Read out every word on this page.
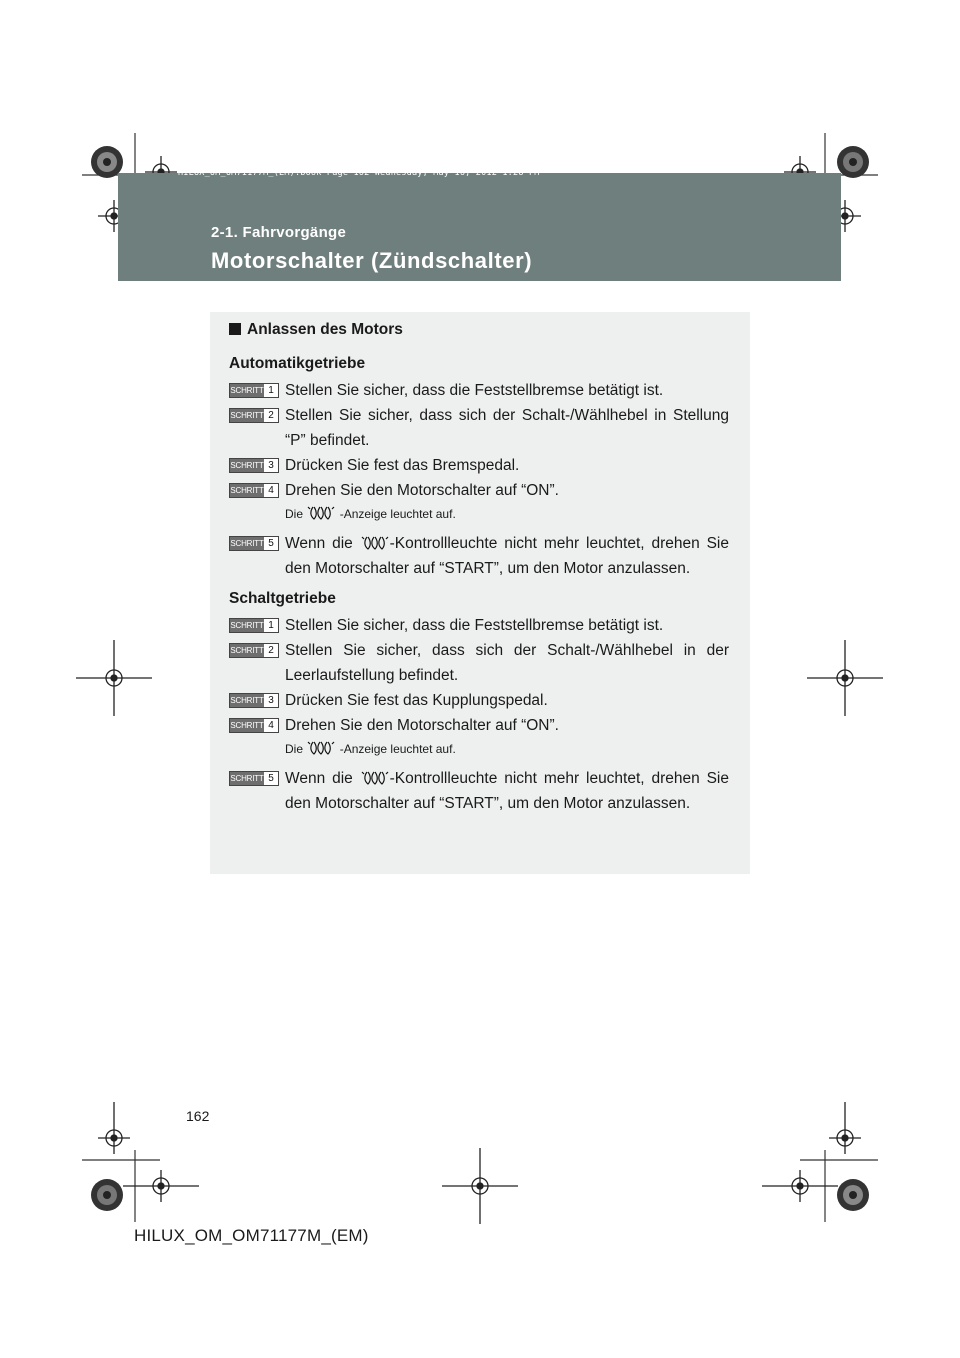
HILUX_OM_OM71177M_(EM).book Page 162 Wednesday, May 16, 2012 1:28 PM
2-1. Fahrvorgänge
Motorschalter (Zündschalter)
Anlassen des Motors
Automatikgetriebe
SCHRITT 1 Stellen Sie sicher, dass die Feststellbremse betätigt ist.
SCHRITT 2 Stellen Sie sicher, dass sich der Schalt-/Wählhebel in Stellung “P” befindet.
SCHRITT 3 Drücken Sie fest das Bremspedal.
SCHRITT 4 Drehen Sie den Motorschalter auf “ON”.
Die	-Anzeige leuchtet auf.
SCHRITT 5 Wenn die -Kontrollleuchte nicht mehr leuchtet, drehen Sie den Motorschalter auf “START”, um den Motor anzulassen.
Schaltgetriebe
SCHRITT 1 Stellen Sie sicher, dass die Feststellbremse betätigt ist.
SCHRITT 2 Stellen Sie sicher, dass sich der Schalt-/Wählhebel in der Leerlaufstellung befindet.
SCHRITT 3 Drücken Sie fest das Kupplungspedal.
SCHRITT 4 Drehen Sie den Motorschalter auf “ON”.
Die	-Anzeige leuchtet auf.
SCHRITT 5 Wenn die -Kontrollleuchte nicht mehr leuchtet, drehen Sie den Motorschalter auf “START”, um den Motor anzulassen.
162
HILUX_OM_OM71177M_(EM)
